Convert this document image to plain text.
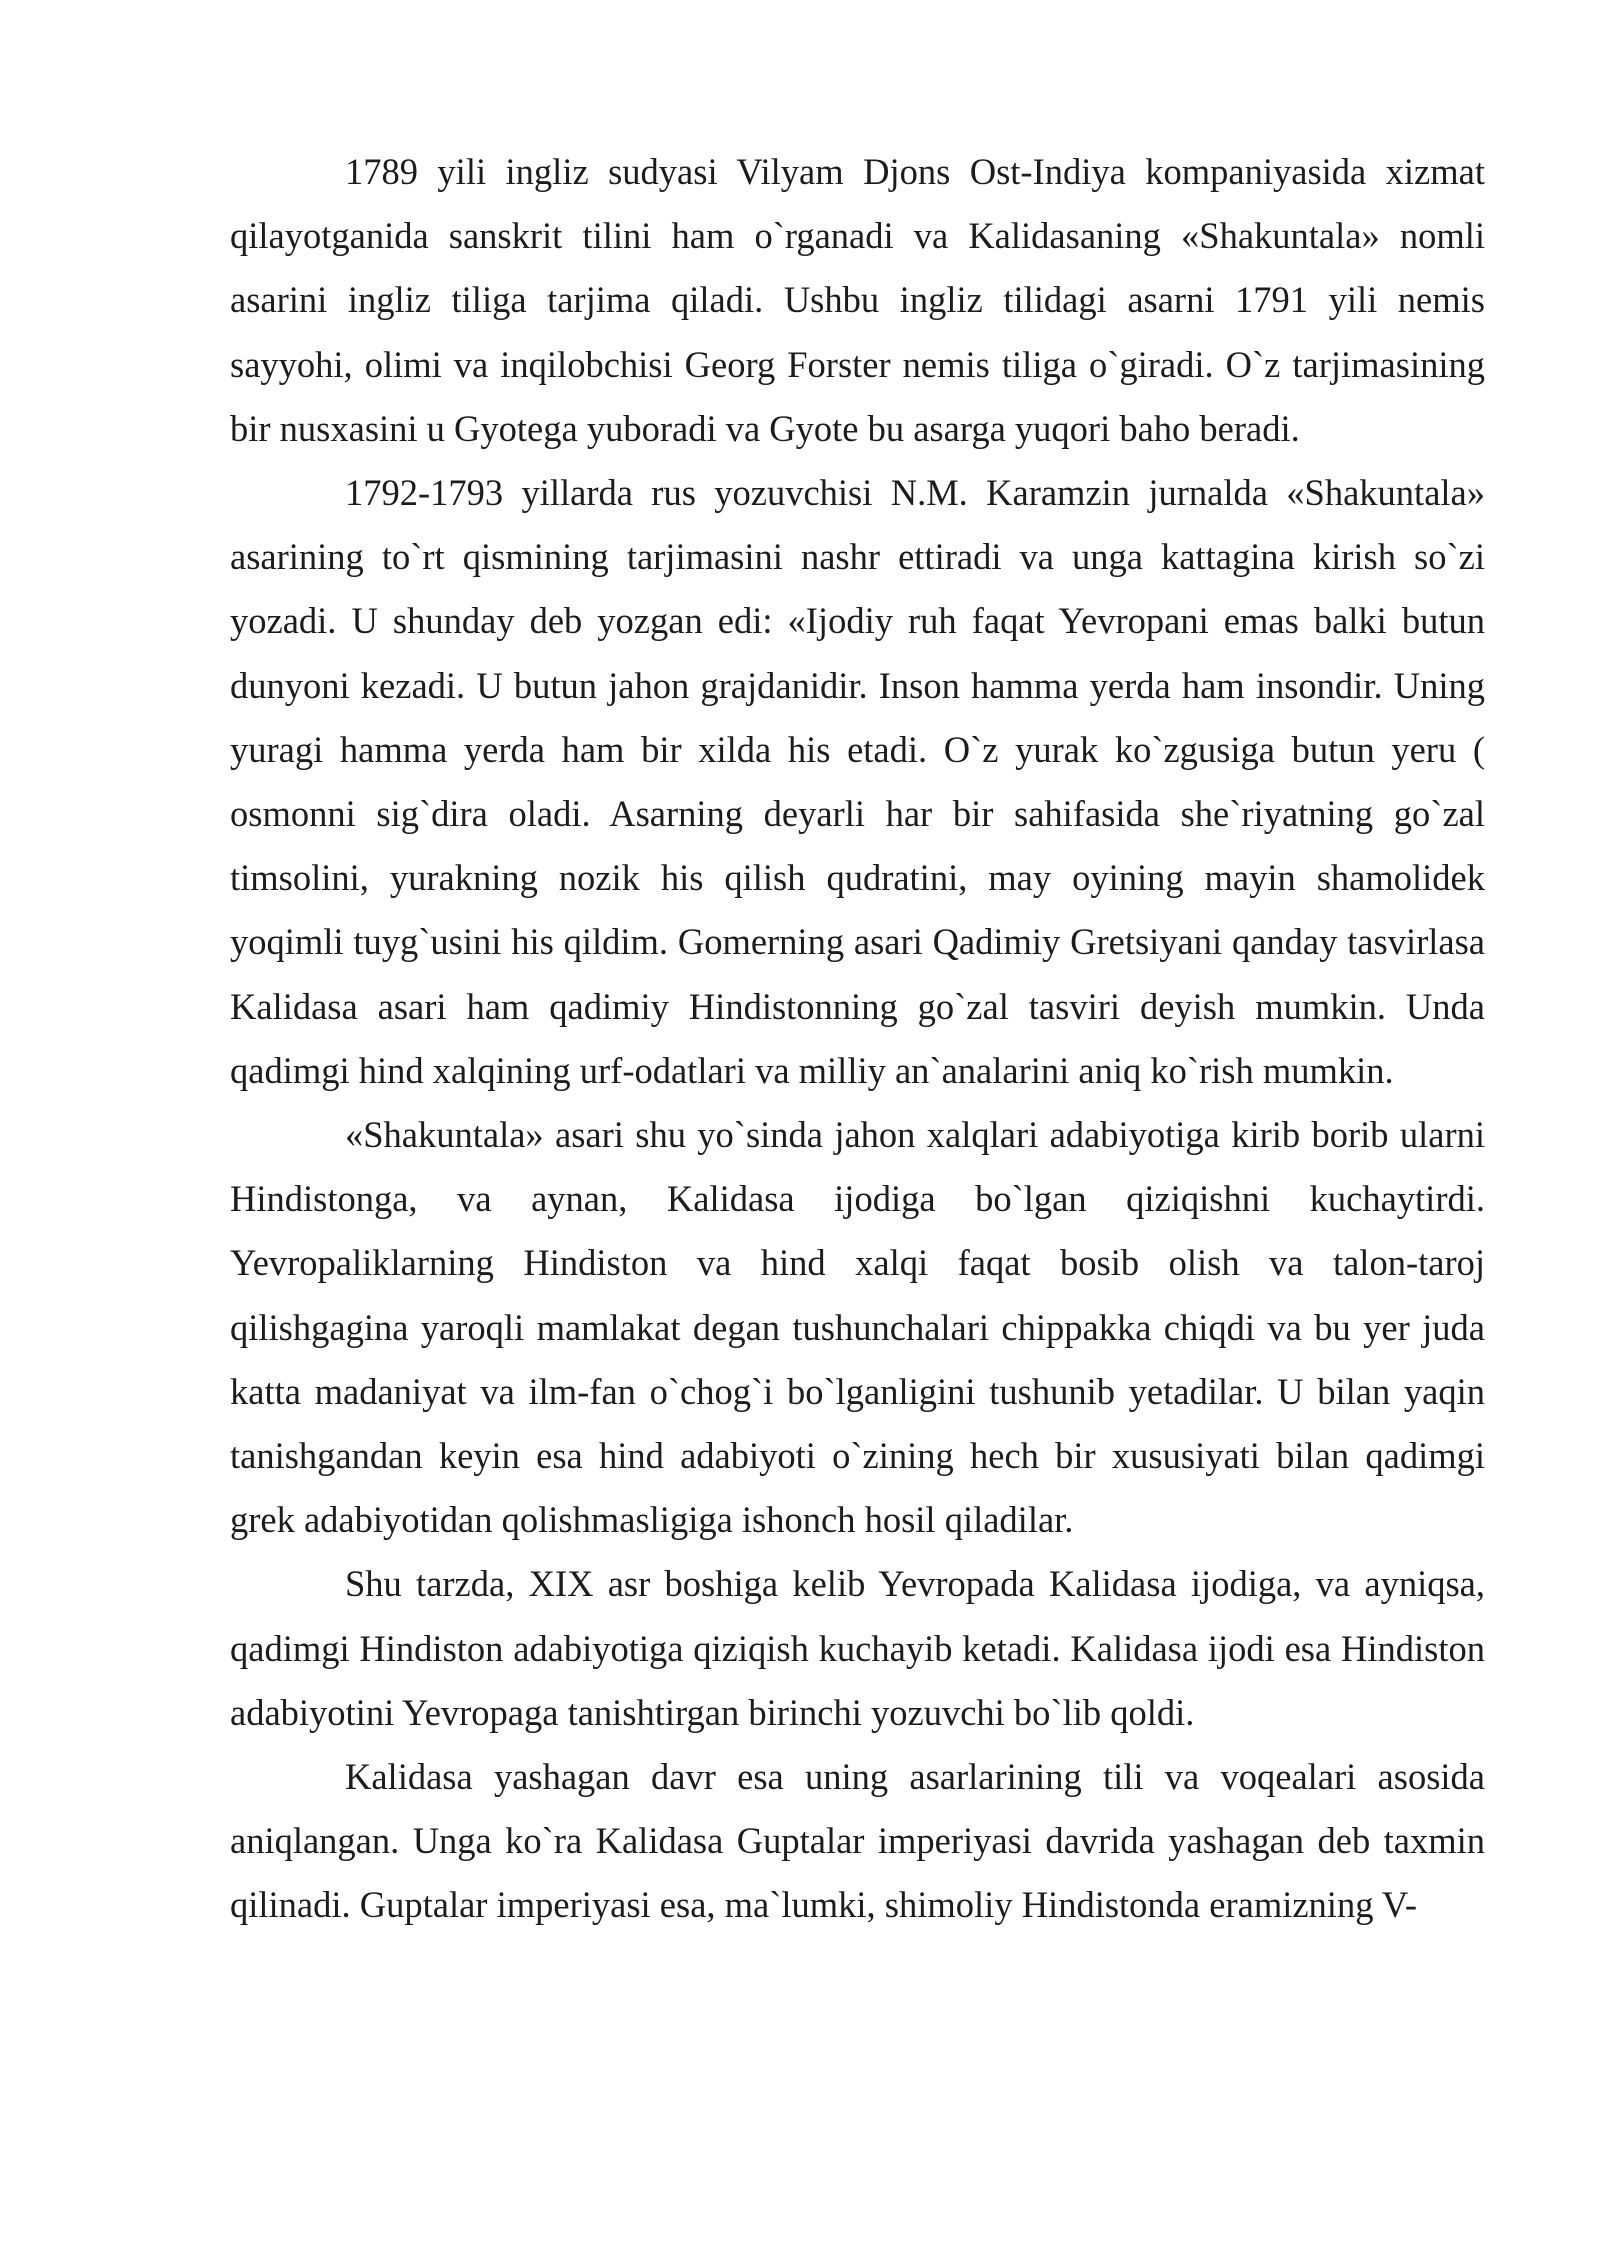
1789 yili ingliz sudyasi Vilyam Djons Ost-Indiya kompaniyasida xizmat qilayotganida sanskrit tilini ham o`rganadi va Kalidasaning «Shakuntala» nomli asarini ingliz tiliga tarjima qiladi. Ushbu ingliz tilidagi asarni 1791 yili nemis sayyohi, olimi va inqilobchisi Georg Forster nemis tiliga o`giradi. O`z tarjimasining bir nusxasini u Gyotega yuboradi va Gyote bu asarga yuqori baho beradi.

1792-1793 yillarda rus yozuvchisi N.M. Karamzin jurnalda «Shakuntala» asarining to`rt qismining tarjimasini nashr ettiradi va unga kattagina kirish so`zi yozadi. U shunday deb yozgan edi: «Ijodiy ruh faqat Yevropani emas balki butun dunyoni kezadi. U butun jahon grajdanidir. Inson hamma yerda ham insondir. Uning yuragi hamma yerda ham bir xilda his etadi. O`z yurak ko`zgusiga butun yeru ( osmonni sig`dira oladi. Asarning deyarli har bir sahifasida she`riyatning go`zal timsolini, yurakning nozik his qilish qudratini, may oyining mayin shamolidek yoqimli tuyg`usini his qildim. Gomerning asari Qadimiy Gretsiyani qanday tasvirlasa Kalidasa asari ham qadimiy Hindistonning go`zal tasviri deyish mumkin. Unda qadimgi hind xalqining urf-odatlari va milliy an`analarini aniq ko`rish mumkin.

«Shakuntala» asari shu yo`sinda jahon xalqlari adabiyotiga kirib borib ularni Hindistonga, va aynan, Kalidasa ijodiga bo`lgan qiziqishni kuchaytirdi. Yevropaliklarning Hindiston va hind xalqi faqat bosib olish va talon-taroj qilishgagina yaroqli mamlakat degan tushunchalari chippakka chiqdi va bu yer juda katta madaniyat va ilm-fan o`chog`i bo`lganligini tushunib yetadilar. U bilan yaqin tanishgandan keyin esa hind adabiyoti o`zining hech bir xususiyati bilan qadimgi grek adabiyotidan qolishmasligiga ishonch hosil qiladilar.

Shu tarzda, XIX asr boshiga kelib Yevropada Kalidasa ijodiga, va ayniqsa, qadimgi Hindiston adabiyotiga qiziqish kuchayib ketadi. Kalidasa ijodi esa Hindiston adabiyotini Yevropaga tanishtirgan birinchi yozuvchi bo`lib qoldi.

Kalidasa yashagan davr esa uning asarlarining tili va voqealari asosida aniqlangan. Unga ko`ra Kalidasa Guptalar imperiyasi davrida yashagan deb taxmin qilinadi. Guptalar imperiyasi esa, ma`lumki, shimoliy Hindistonda eramizning V-
